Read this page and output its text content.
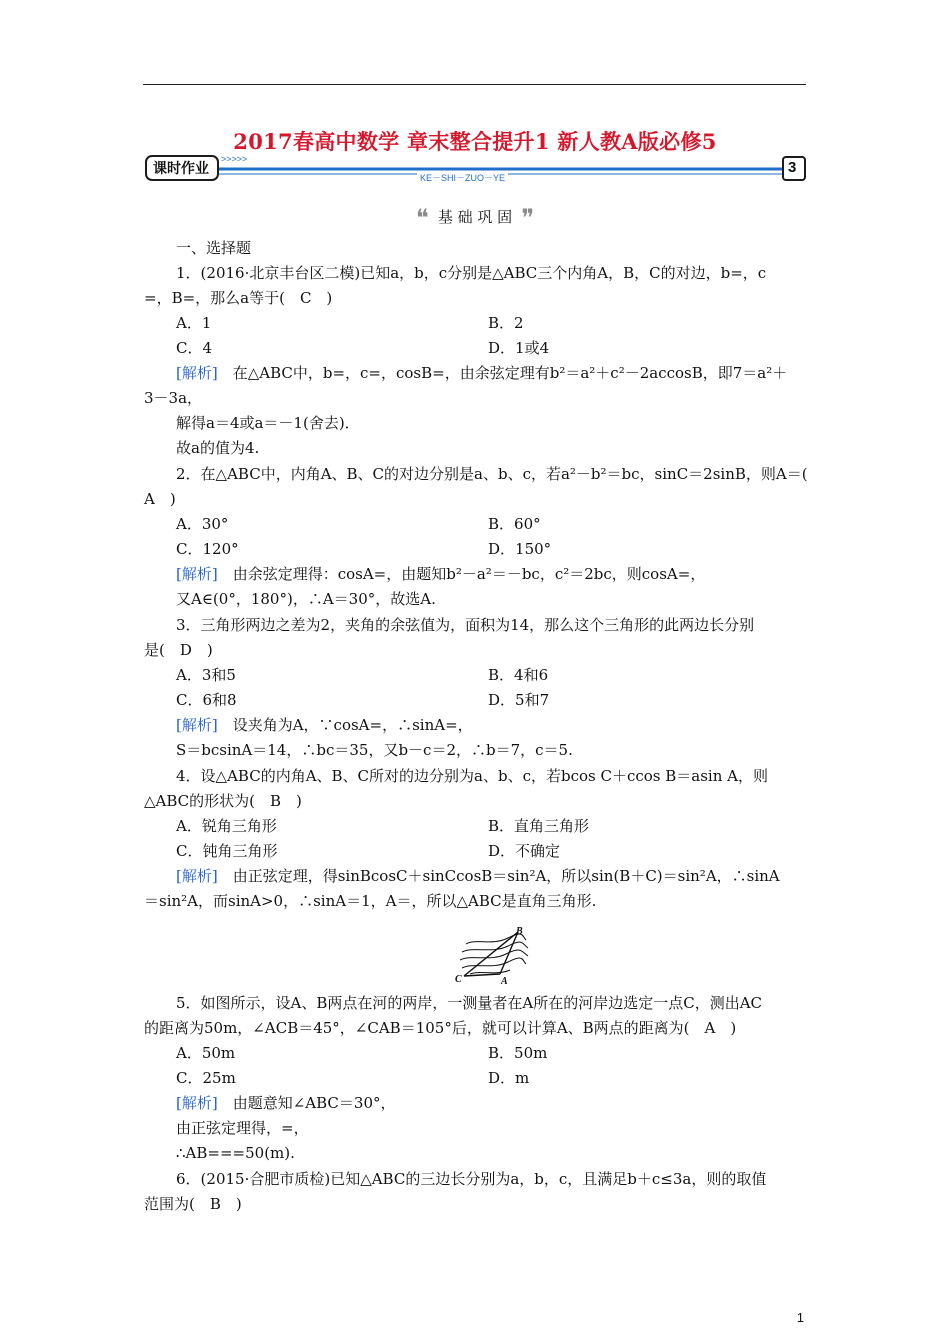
2017春高中数学 章末整合提升1 新人教A版必修5
课时作业
>>>>>
KE－SHI－ZUO－YE
3
❝ 基 础 巩 固 ❞
一、选择题
1．(2016·北京丰台区二模)已知a，b，c分别是△ABC三个内角A，B，C的对边，b=，c
=，B=，那么a等于(　C　)
A．1	B．2
C．4	D．1或4
[解析]　在△ABC中，b=，c=，cosB=，由余弦定理有b²＝a²＋c²－2accosB，即7＝a²＋
3－3a，
解得a＝4或a＝－1(舍去)．
故a的值为4.
2．在△ABC中，内角A、B、C的对边分别是a、b、c，若a²－b²＝bc，sinC＝2sinB，则A＝(
A　)
A．30°	B．60°
C．120°	D．150°
[解析]　由余弦定理得：cosA=，由题知b²－a²＝－bc，c²＝2bc，则cosA=，
又A∈(0°，180°)，∴A＝30°，故选A.
3．三角形两边之差为2，夹角的余弦值为，面积为14，那么这个三角形的此两边长分别
是(　D　)
A．3和5	B．4和6
C．6和8	D．5和7
[解析]　设夹角为A，∵cosA=，∴sinA=，
S＝bcsinA＝14，∴bc＝35，又b－c＝2，∴b＝7，c＝5.
4．设△ABC的内角A、B、C所对的边分别为a、b、c，若bcos C＋ccos B＝asin A，则
△ABC的形状为(　B　)
A．锐角三角形	B．直角三角形
C．钝角三角形	D．不确定
[解析]　由正弦定理，得sinBcosC＋sinCcosB＝sin²A，所以sin(B＋C)＝sin²A，∴sinA
＝sin²A，而sinA>0，∴sinA＝1，A＝，所以△ABC是直角三角形.
B
C	A
5．如图所示，设A、B两点在河的两岸，一测量者在A所在的河岸边选定一点C，测出AC
的距离为50m，∠ACB＝45°，∠CAB＝105°后，就可以计算A、B两点的距离为(　A　)
A．50m	B．50m
C．25m	D．m
[解析]　由题意知∠ABC＝30°，
由正弦定理得，=，
∴AB===50(m).
6．(2015·合肥市质检)已知△ABC的三边长分别为a，b，c，且满足b＋c≤3a，则的取值
范围为(　B　)
1
